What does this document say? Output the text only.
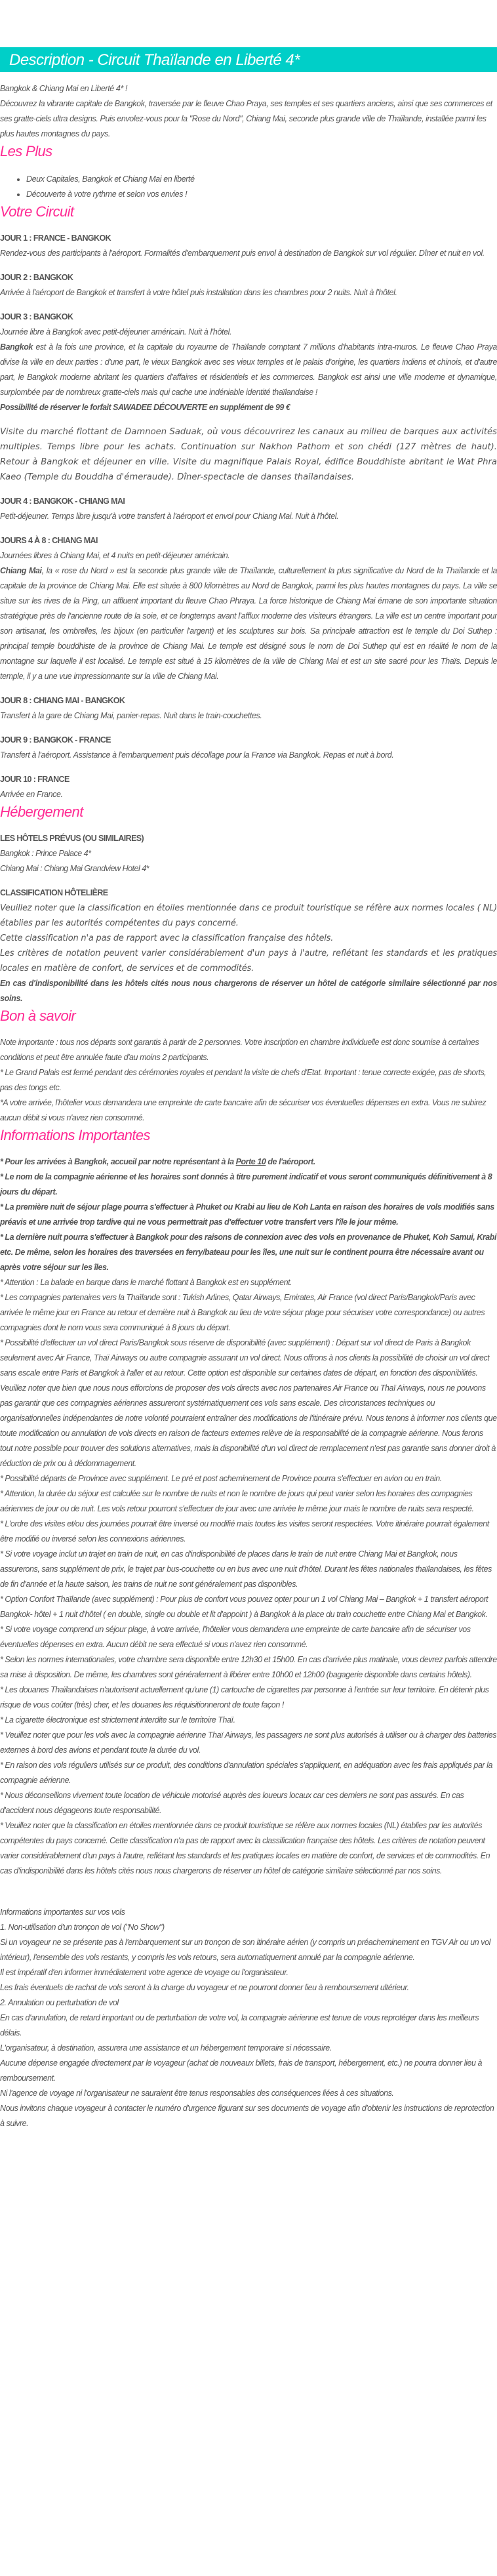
Description - Circuit Thaïlande en Liberté 4*

Bangkok & Chiang Mai en Liberté 4* !

Découvrez la vibrante capitale de Bangkok, traversée par le fleuve Chao Praya, ses temples et ses quartiers anciens, ainsi que ses commerces et ses gratte-ciels ultra designs. Puis envolez-vous pour la "Rose du Nord", Chiang Mai, seconde plus grande ville de Thaïlande, installée parmi les plus hautes montagnes du pays.

Les Plus
• Deux Capitales, Bangkok et Chiang Mai en liberté
• Découverte à votre rythme et selon vos envies !
Votre Circuit
JOUR 1 : FRANCE - BANGKOK
Rendez-vous des participants à l'aéroport. Formalités d'embarquement puis envol à destination de Bangkok sur vol régulier. Dîner et nuit en vol.
JOUR 2 : BANGKOK
Arrivée à l'aéroport de Bangkok et transfert à votre hôtel puis installation dans les chambres pour 2 nuits. Nuit à l'hôtel.
JOUR 3 : BANGKOK
Journée libre à Bangkok avec petit-déjeuner américain. Nuit à l'hôtel.
Bangkok est à la fois une province, et la capitale du royaume de Thaïlande comptant 7 millions d'habitants intra-muros. Le fleuve Chao Praya divise la ville en deux parties : d'une part, le vieux Bangkok avec ses vieux temples et le palais d'origine, les quartiers indiens et chinois, et d'autre part, le Bangkok moderne abritant les quartiers d'affaires et résidentiels et les commerces. Bangkok est ainsi une ville moderne et dynamique, surplombée par de nombreux gratte-ciels mais qui cache une indéniable identité thaïlandaise !
Possibilité de réserver le forfait SAWADEE DÉCOUVERTE en supplément de 99 €
Visite du marché flottant de Damnoen Saduak, où vous découvrirez les canaux au milieu de barques aux activités multiples. Temps libre pour les achats. Continuation sur Nakhon Pathom et son chédi (127 mètres de haut). Retour à Bangkok et déjeuner en ville. Visite du magnifique Palais Royal, édifice Bouddhiste abritant le Wat Phra Kaeo (Temple du Bouddha d'émeraude). Dîner-spectacle de danses thaïlandaises.
JOUR 4 : BANGKOK - CHIANG MAI
Petit-déjeuner. Temps libre jusqu'à votre transfert à l'aéroport et envol pour Chiang Mai. Nuit à l'hôtel.
JOURS 4 À 8 : CHIANG MAI
Journées libres à Chiang Mai, et 4 nuits en petit-déjeuner américain.
Chiang Mai, la « rose du Nord » est la seconde plus grande ville de Thaïlande, culturellement la plus significative du Nord de la Thaïlande et la capitale de la province de Chiang Mai. Elle est située à 800 kilomètres au Nord de Bangkok, parmi les plus hautes montagnes du pays. La ville se situe sur les rives de la Ping, un affluent important du fleuve Chao Phraya. La force historique de Chiang Mai émane de son importante situation stratégique près de l'ancienne route de la soie, et ce longtemps avant l'afflux moderne des visiteurs étrangers. La ville est un centre important pour son artisanat, les ombrelles, les bijoux (en particulier l'argent) et les sculptures sur bois. Sa principale attraction est le temple du Doi Suthep : principal temple bouddhiste de la province de Chiang Mai. Le temple est désigné sous le nom de Doi Suthep qui est en réalité le nom de la montagne sur laquelle il est localisé. Le temple est situé à 15 kilomètres de la ville de Chiang Mai et est un site sacré pour les Thaïs. Depuis le temple, il y a une vue impressionnante sur la ville de Chiang Mai.
JOUR 8 : CHIANG MAI - BANGKOK
Transfert à la gare de Chiang Mai, panier-repas. Nuit dans le train-couchettes.
JOUR 9 : BANGKOK - FRANCE
Transfert à l'aéroport. Assistance à l'embarquement puis décollage pour la France via Bangkok. Repas et nuit à bord.
JOUR 10 : FRANCE
Arrivée en France.
Hébergement
LES HÔTELS PRÉVUS (OU SIMILAIRES)
Bangkok : Prince Palace 4*
Chiang Mai : Chiang Mai Grandview Hotel 4*
CLASSIFICATION HÔTELIÈRE
Veuillez noter que la classification en étoiles mentionnée dans ce produit touristique se réfère aux normes locales ( NL) établies par les autorités compétentes du pays concerné.
Cette classification n'a pas de rapport avec la classification française des hôtels.
Les critères de notation peuvent varier considérablement d'un pays à l'autre, reflétant les standards et les pratiques locales en matière de confort, de services et de commodités.
En cas d'indisponibilité dans les hôtels cités nous nous chargerons de réserver un hôtel de catégorie similaire sélectionné par nos soins.
Bon à savoir
Note importante : tous nos départs sont garantis à partir de 2 personnes. Votre inscription en chambre individuelle est donc soumise à certaines conditions et peut être annulée faute d'au moins 2 participants.
* Le Grand Palais est fermé pendant des cérémonies royales et pendant la visite de chefs d'Etat. Important : tenue correcte exigée, pas de shorts, pas des tongs etc.
*A votre arrivée, l'hôtelier vous demandera une empreinte de carte bancaire afin de sécuriser vos éventuelles dépenses en extra. Vous ne subirez aucun débit si vous n'avez rien consommé.
Informations Importantes
* Pour les arrivées à Bangkok, accueil par notre représentant à la Porte 10 de l'aéroport.
* Le nom de la compagnie aérienne et les horaires sont donnés à titre purement indicatif et vous seront communiqués définitivement à 8 jours du départ.
* La première nuit de séjour plage pourra s'effectuer à Phuket ou Krabi au lieu de Koh Lanta en raison des horaires de vols modifiés sans préavis et une arrivée trop tardive qui ne vous permettrait pas d'effectuer votre transfert vers l'île le jour même.
* La dernière nuit pourra s'effectuer à Bangkok pour des raisons de connexion avec des vols en provenance de Phuket, Koh Samui, Krabi etc. De même, selon les horaires des traversées en ferry/bateau pour les îles, une nuit sur le continent pourra être nécessaire avant ou après votre séjour sur les îles.
* Attention : La balade en barque dans le marché flottant à Bangkok est en supplément.
* Les compagnies partenaires vers la Thaïlande sont : Tukish Arlines, Qatar Airways, Emirates, Air France (vol direct Paris/Bangkok/Paris avec arrivée le même jour en France au retour et dernière nuit à Bangkok au lieu de votre séjour plage pour sécuriser votre correspondance) ou autres compagnies dont le nom vous sera communiqué à 8 jours du départ.
* Possibilité d'effectuer un vol direct Paris/Bangkok sous réserve de disponibilité (avec supplément) : Départ sur vol direct de Paris à Bangkok seulement avec Air France, Thaï Airways ou autre compagnie assurant un vol direct. Nous offrons à nos clients la possibilité de choisir un vol direct sans escale entre Paris et Bangkok à l'aller et au retour. Cette option est disponible sur certaines dates de départ, en fonction des disponibilités. Veuillez noter que bien que nous nous efforcions de proposer des vols directs avec nos partenaires Air France ou Thaï Airways, nous ne pouvons pas garantir que ces compagnies aériennes assureront systématiquement ces vols sans escale. Des circonstances techniques ou organisationnelles indépendantes de notre volonté pourraient entraîner des modifications de l'itinéraire prévu. Nous tenons à informer nos clients que toute modification ou annulation de vols directs en raison de facteurs externes relève de la responsabilité de la compagnie aérienne. Nous ferons tout notre possible pour trouver des solutions alternatives, mais la disponibilité d'un vol direct de remplacement n'est pas garantie sans donner droit à réduction de prix ou à dédommagement.
* Possibilité départs de Province avec supplément. Le pré et post acheminement de Province pourra s'effectuer en avion ou en train.
* Attention, la durée du séjour est calculée sur le nombre de nuits et non le nombre de jours qui peut varier selon les horaires des compagnies aériennes de jour ou de nuit. Les vols retour pourront s'effectuer de jour avec une arrivée le même jour mais le nombre de nuits sera respecté.
* L'ordre des visites et/ou des journées pourrait être inversé ou modifié mais toutes les visites seront respectées. Votre itinéraire pourrait également être modifié ou inversé selon les connexions aériennes.
* Si votre voyage inclut un trajet en train de nuit, en cas d'indisponibilité de places dans le train de nuit entre Chiang Mai et Bangkok, nous assurerons, sans supplément de prix, le trajet par bus-couchette ou en bus avec une nuit d'hôtel. Durant les fêtes nationales thaïlandaises, les fêtes de fin d'année et la haute saison, les trains de nuit ne sont généralement pas disponibles.
* Option Confort Thaïlande (avec supplément) : Pour plus de confort vous pouvez opter pour un 1 vol Chiang Mai – Bangkok + 1 transfert aéroport Bangkok- hôtel + 1 nuit d'hôtel ( en double, single ou double et lit d'appoint ) à Bangkok à la place du train couchette entre Chiang Mai et Bangkok.
* Si votre voyage comprend un séjour plage, à votre arrivée, l'hôtelier vous demandera une empreinte de carte bancaire afin de sécuriser vos éventuelles dépenses en extra. Aucun débit ne sera effectué si vous n'avez rien consommé.
* Selon les normes internationales, votre chambre sera disponible entre 12h30 et 15h00. En cas d'arrivée plus matinale, vous devrez parfois attendre sa mise à disposition. De même, les chambres sont généralement à libérer entre 10h00 et 12h00 (bagagerie disponible dans certains hôtels).
* Les douanes Thaïlandaises n'autorisent actuellement qu'une (1) cartouche de cigarettes par personne à l'entrée sur leur territoire. En détenir plus risque de vous coûter (très) cher, et les douanes les réquisitionneront de toute façon !
* La cigarette électronique est strictement interdite sur le territoire Thaï.
* Veuillez noter que pour les vols avec la compagnie aérienne Thaï Airways, les passagers ne sont plus autorisés à utiliser ou à charger des batteries externes à bord des avions et pendant toute la durée du vol.
* En raison des vols réguliers utilisés sur ce produit, des conditions d'annulation spéciales s'appliquent, en adéquation avec les frais appliqués par la compagnie aérienne.
* Nous déconseillons vivement toute location de véhicule motorisé auprès des loueurs locaux car ces derniers ne sont pas assurés. En cas d'accident nous dégageons toute responsabilité.
* Veuillez noter que la classification en étoiles mentionnée dans ce produit touristique se réfère aux normes locales (NL) établies par les autorités compétentes du pays concerné. Cette classification n'a pas de rapport avec la classification française des hôtels. Les critères de notation peuvent varier considérablement d'un pays à l'autre, reflétant les standards et les pratiques locales en matière de confort, de services et de commodités. En cas d'indisponibilité dans les hôtels cités nous nous chargerons de réserver un hôtel de catégorie similaire sélectionné par nos soins.
Informations importantes sur vos vols
1. Non-utilisation d'un tronçon de vol ("No Show")
Si un voyageur ne se présente pas à l'embarquement sur un tronçon de son itinéraire aérien (y compris un préacheminement en TGV Air ou un vol intérieur), l'ensemble des vols restants, y compris les vols retours, sera automatiquement annulé par la compagnie aérienne.
Il est impératif d'en informer immédiatement votre agence de voyage ou l'organisateur.
Les frais éventuels de rachat de vols seront à la charge du voyageur et ne pourront donner lieu à remboursement ultérieur.
2. Annulation ou perturbation de vol
En cas d'annulation, de retard important ou de perturbation de votre vol, la compagnie aérienne est tenue de vous reprotéger dans les meilleurs délais.
L'organisateur, à destination, assurera une assistance et un hébergement temporaire si nécessaire.
Aucune dépense engagée directement par le voyageur (achat de nouveaux billets, frais de transport, hébergement, etc.) ne pourra donner lieu à remboursement.
Ni l'agence de voyage ni l'organisateur ne sauraient être tenus responsables des conséquences liées à ces situations.
Nous invitons chaque voyageur à contacter le numéro d'urgence figurant sur ses documents de voyage afin d'obtenir les instructions de reprotection à suivre.
